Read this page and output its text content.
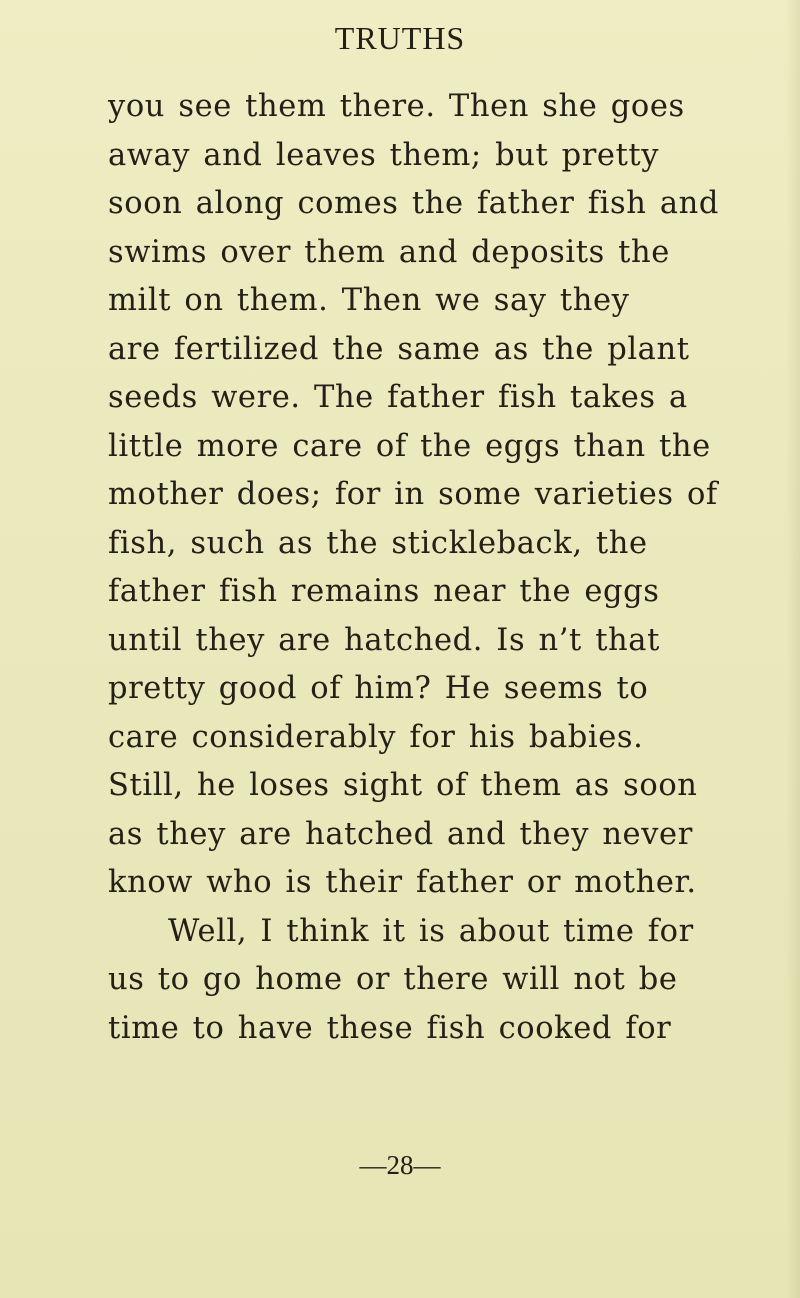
TRUTHS
you see them there. Then she goes
away and leaves them; but pretty
soon along comes the father fish and
swims over them and deposits the
milt on them. Then we say they
are fertilized the same as the plant
seeds were. The father fish takes a
little more care of the eggs than the
mother does; for in some varieties of
fish, such as the stickleback, the
father fish remains near the eggs
until they are hatched. Is n’t that
pretty good of him? He seems to
care considerably for his babies.
Still, he loses sight of them as soon
as they are hatched and they never
know who is their father or mother.
Well, I think it is about time for
us to go home or there will not be
time to have these fish cooked for
—28—
